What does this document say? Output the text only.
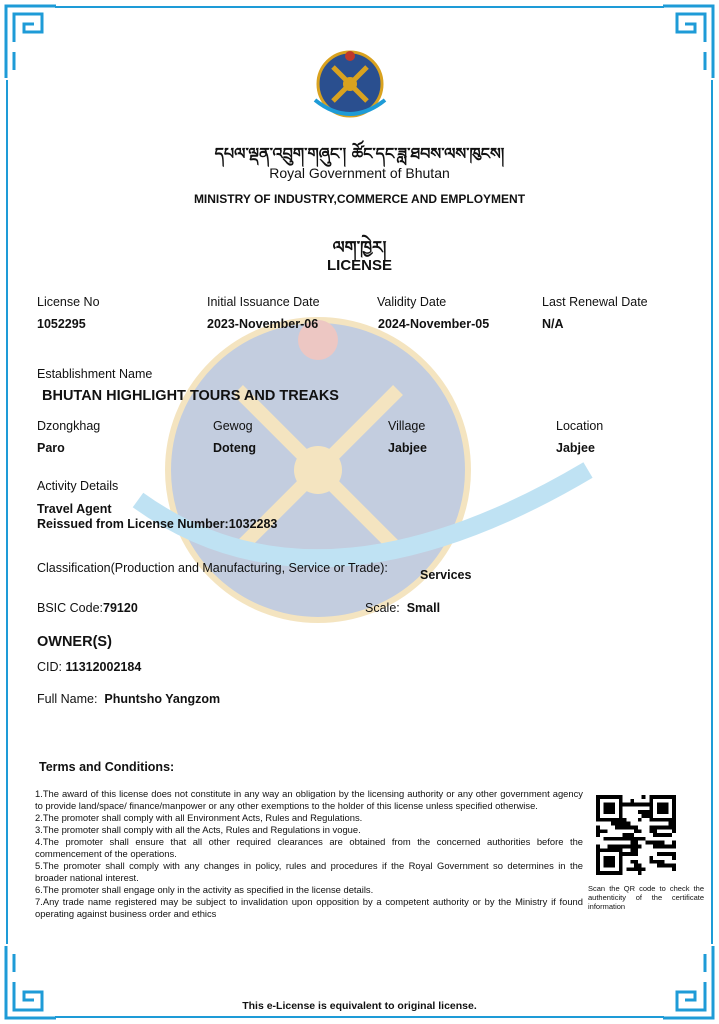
དཔལ་ལྡན་འབྲུག་གཞུང་། ཚོང་དང་ཟླ་ཐབས་ལས་ཁུངས།
Royal Government of Bhutan
MINISTRY OF INDUSTRY,COMMERCE AND EMPLOYMENT
ལག་ཁྱེར།
LICENSE
License No
1052295
Initial Issuance Date
2023-November-06
Validity Date
2024-November-05
Last Renewal Date
N/A
Establishment Name
BHUTAN HIGHLIGHT TOURS AND TREAKS
Dzongkhag
Paro
Gewog
Doteng
Village
Jabjee
Location
Jabjee
Activity Details
Travel Agent
Reissued from License Number:1032283
Classification(Production and Manufacturing, Service or Trade):	Services
BSIC Code:79120	Scale: Small
OWNER(S)
CID: 11312002184
Full Name: Phuntsho Yangzom
Terms and Conditions:
1.The award of this license does not constitute in any way an obligation by the licensing authority or any other government agency to provide land/space/ finance/manpower or any other exemptions to the holder of this license unless specified otherwise.
2.The promoter shall comply with all Environment Acts, Rules and Regulations.
3.The promoter shall comply with all the Acts, Rules and Regulations in vogue.
4.The promoter shall ensure that all other required clearances are obtained from the concerned authorities before the commencement of the operations.
5.The promoter shall comply with any changes in policy, rules and procedures if the Royal Government so determines in the broader national interest.
6.The promoter shall engage only in the activity as specified in the license details.
7.Any trade name registered may be subject to invalidation upon opposition by a competent authority or by the Ministry if found operating against business order and ethics
Scan the QR code to check the authenticity of the certificate information
This e-License is equivalent to original license.
